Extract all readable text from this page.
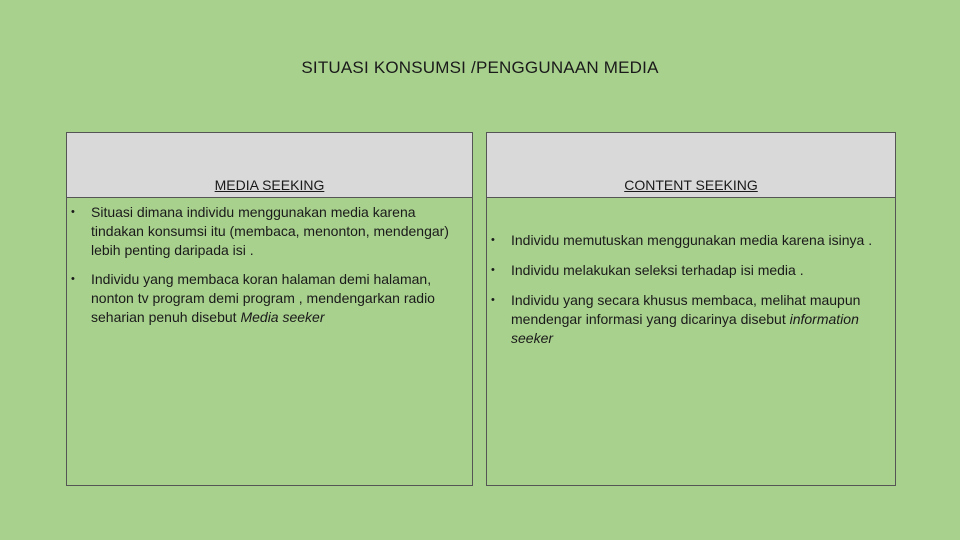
SITUASI KONSUMSI /PENGGUNAAN MEDIA
MEDIA SEEKING
• Situasi dimana individu menggunakan media karena tindakan konsumsi itu (membaca, menonton, mendengar) lebih penting daripada isi .
• Individu yang membaca koran halaman demi halaman, nonton tv program demi program , mendengarkan radio seharian penuh disebut Media seeker
CONTENT SEEKING
• Individu memutuskan menggunakan media karena isinya .
• Individu melakukan seleksi terhadap isi media .
• Individu yang secara khusus membaca, melihat maupun mendengar informasi yang dicarinya disebut information seeker
